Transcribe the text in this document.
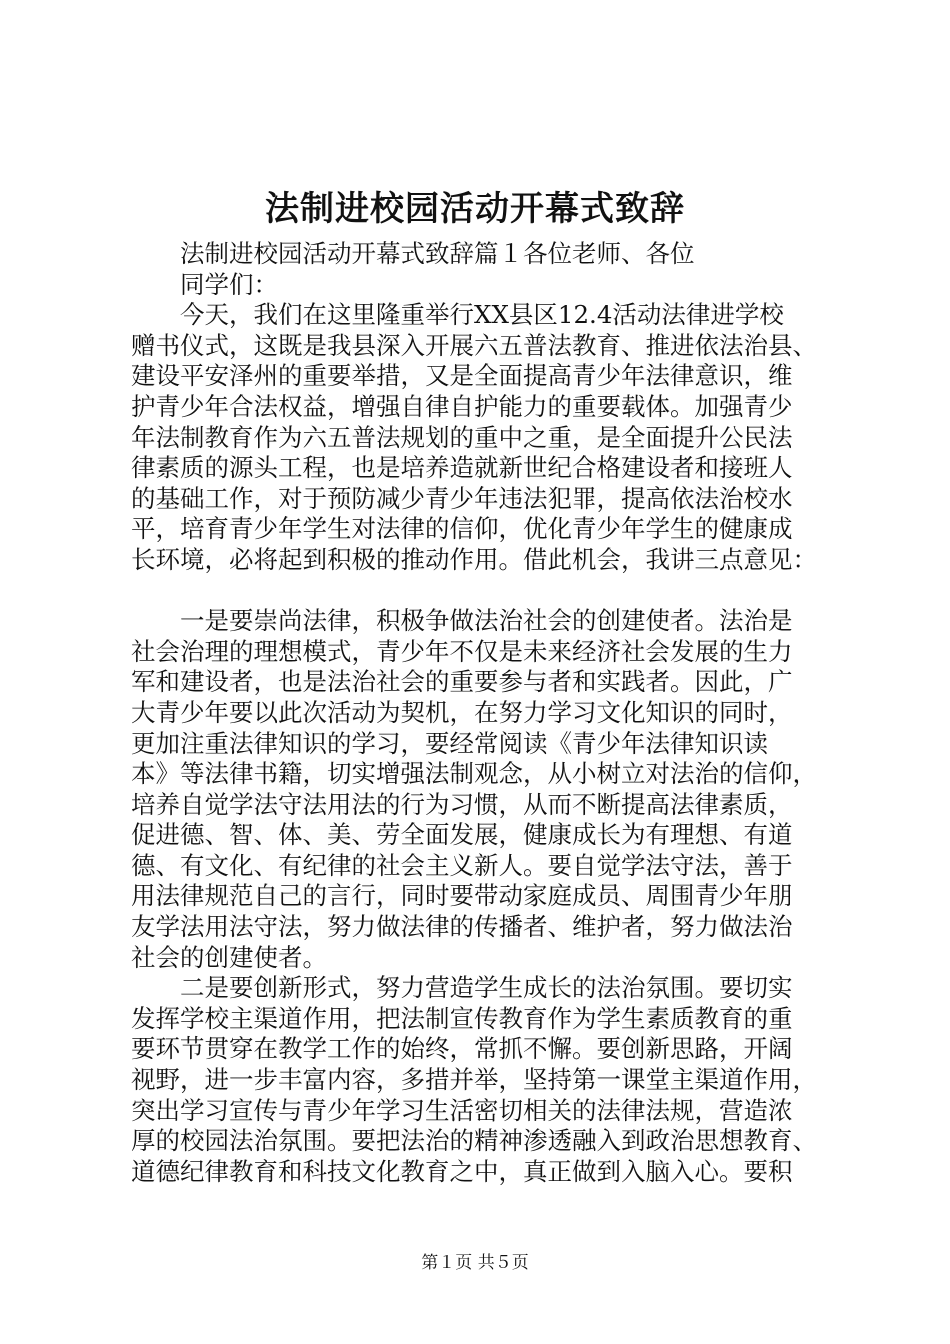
法制进校园活动开幕式致辞
法制进校园活动开幕式致辞篇１各位老师、各位
同学们：
今天，我们在这里隆重举行XX县区12.4活动法律进学校
赠书仪式，这既是我县深入开展六五普法教育、推进依法治县、
建设平安泽州的重要举措，又是全面提高青少年法律意识，维
护青少年合法权益，增强自律自护能力的重要载体。加强青少
年法制教育作为六五普法规划的重中之重，是全面提升公民法
律素质的源头工程，也是培养造就新世纪合格建设者和接班人
的基础工作，对于预防减少青少年违法犯罪，提高依法治校水
平，培育青少年学生对法律的信仰，优化青少年学生的健康成
长环境，必将起到积极的推动作用。借此机会，我讲三点意见：
一是要崇尚法律，积极争做法治社会的创建使者。法治是
社会治理的理想模式，青少年不仅是未来经济社会发展的生力
军和建设者，也是法治社会的重要参与者和实践者。因此，广
大青少年要以此次活动为契机，在努力学习文化知识的同时，
更加注重法律知识的学习，要经常阅读《青少年法律知识读
本》等法律书籍，切实增强法制观念，从小树立对法治的信仰，
培养自觉学法守法用法的行为习惯，从而不断提高法律素质，
促进德、智、体、美、劳全面发展，健康成长为有理想、有道
德、有文化、有纪律的社会主义新人。要自觉学法守法，善于
用法律规范自己的言行，同时要带动家庭成员、周围青少年朋
友学法用法守法，努力做法律的传播者、维护者，努力做法治
社会的创建使者。
二是要创新形式，努力营造学生成长的法治氛围。要切实
发挥学校主渠道作用，把法制宣传教育作为学生素质教育的重
要环节贯穿在教学工作的始终，常抓不懈。要创新思路，开阔
视野，进一步丰富内容，多措并举，坚持第一课堂主渠道作用，
突出学习宣传与青少年学习生活密切相关的法律法规，营造浓
厚的校园法治氛围。要把法治的精神渗透融入到政治思想教育、
道德纪律教育和科技文化教育之中，真正做到入脑入心。要积
第１页 共５页
